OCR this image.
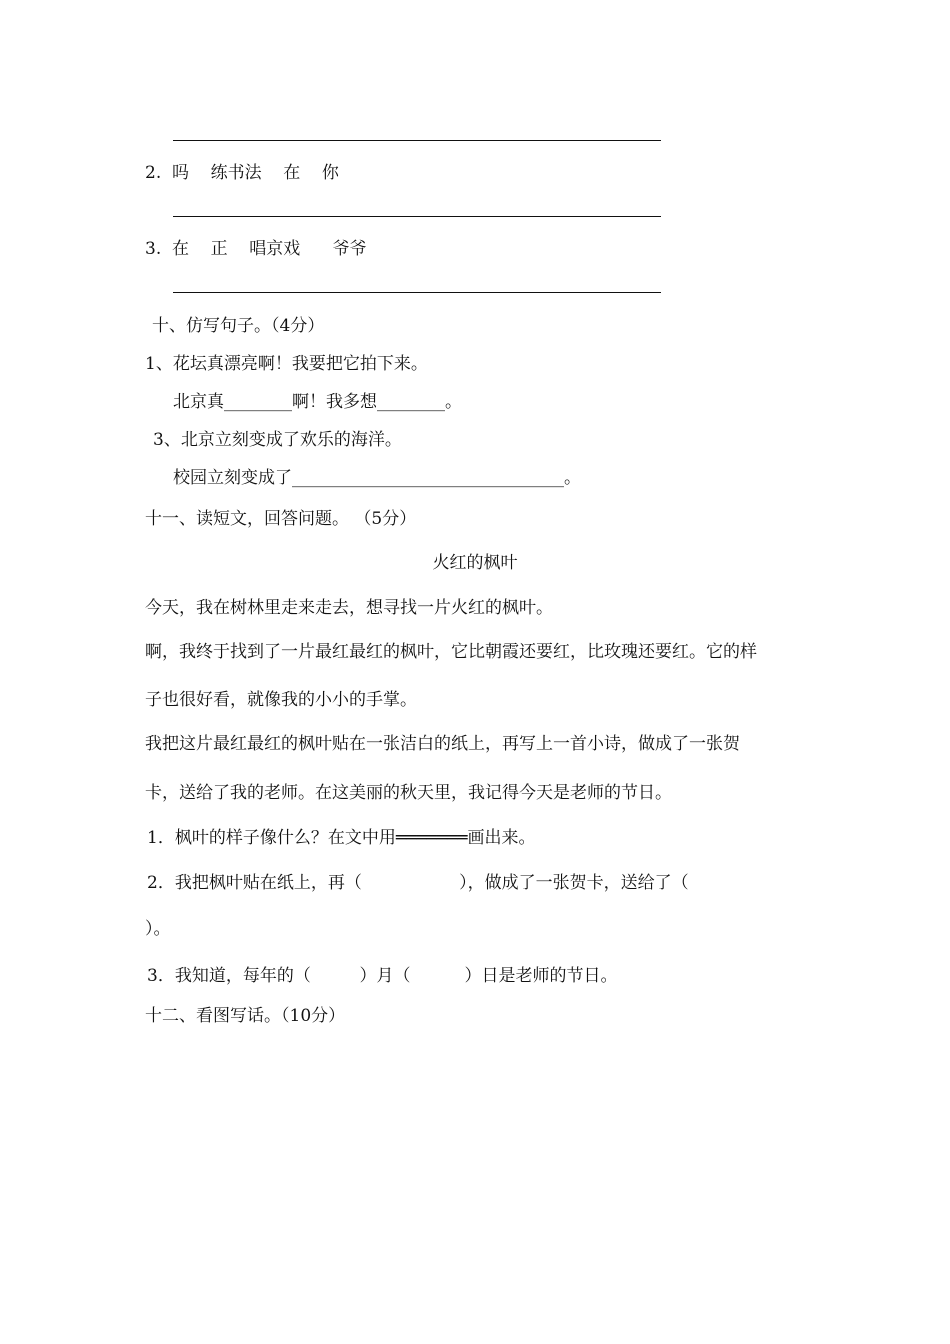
2.  吗    练书法    在    你
3.  在    正    唱京戏      爷爷
十、仿写句子。（4分）
1、花坛真漂亮啊！我要把它拍下来。
北京真________啊！我多想________。
3、北京立刻变成了欢乐的海洋。
校园立刻变成了________________________________。
十一、读短文，回答问题。 （5分）
火红的枫叶
今天，我在树林里走来走去，想寻找一片火红的枫叶。
啊，我终于找到了一片最红最红的枫叶，它比朝霞还要红，比玫瑰还要红。它的样
子也很好看，就像我的小小的手掌。
我把这片最红最红的枫叶贴在一张洁白的纸上，再写上一首小诗，做成了一张贺
卡，送给了我的老师。在这美丽的秋天里，我记得今天是老师的节日。
1．枫叶的样子像什么？在文中用═══════画出来。
2．我把枫叶贴在纸上，再（                  ），做成了一张贺卡，送给了（
）。
3．我知道，每年的（         ）月（          ）日是老师的节日。
十二、看图写话。（10分）
